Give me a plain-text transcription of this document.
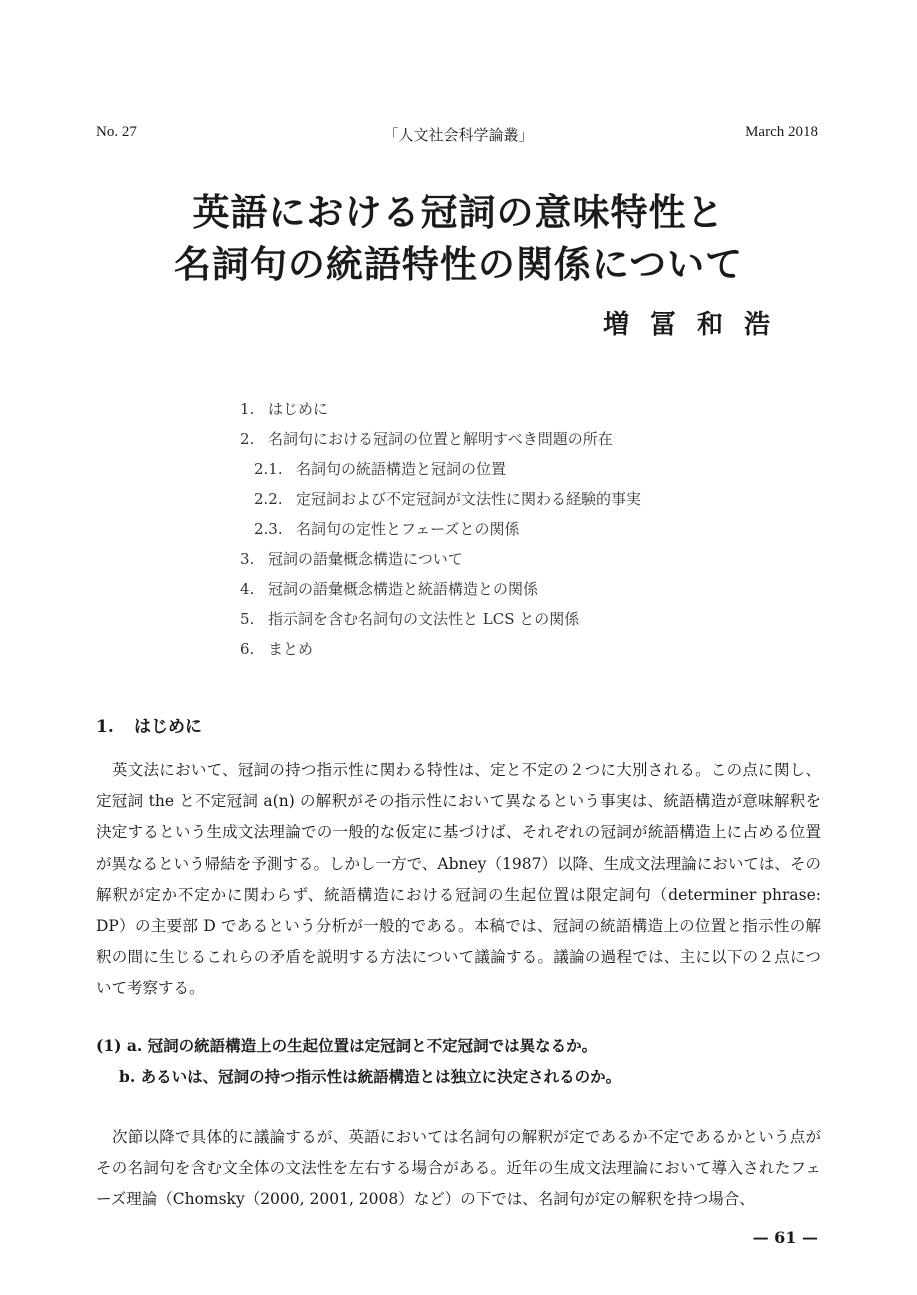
No. 27	「人文社会科学論叢」	March 2018
英語における冠詞の意味特性と
名詞句の統語特性の関係について
増冨和浩
1. はじめに
2. 名詞句における冠詞の位置と解明すべき問題の所在
2.1. 名詞句の統語構造と冠詞の位置
2.2. 定冠詞および不定冠詞が文法性に関わる経験的事実
2.3. 名詞句の定性とフェーズとの関係
3. 冠詞の語彙概念構造について
4. 冠詞の語彙概念構造と統語構造との関係
5. 指示詞を含む名詞句の文法性と LCS との関係
6. まとめ
1. はじめに
英文法において、冠詞の持つ指示性に関わる特性は、定と不定の２つに大別される。この点に関し、定冠詞 the と不定冠詞 a(n) の解釈がその指示性において異なるという事実は、統語構造が意味解釈を決定するという生成文法理論での一般的な仮定に基づけば、それぞれの冠詞が統語構造上に占める位置が異なるという帰結を予測する。しかし一方で、Abney（1987）以降、生成文法理論においては、その解釈が定か不定かに関わらず、統語構造における冠詞の生起位置は限定詞句（determiner phrase: DP）の主要部 D であるという分析が一般的である。本稿では、冠詞の統語構造上の位置と指示性の解釈の間に生じるこれらの矛盾を説明する方法について議論する。議論の過程では、主に以下の２点について考察する。
(1) a. 冠詞の統語構造上の生起位置は定冠詞と不定冠詞では異なるか。
b. あるいは、冠詞の持つ指示性は統語構造とは独立に決定されるのか。
次節以降で具体的に議論するが、英語においては名詞句の解釈が定であるか不定であるかという点がその名詞句を含む文全体の文法性を左右する場合がある。近年の生成文法理論において導入されたフェーズ理論（Chomsky（2000, 2001, 2008）など）の下では、名詞句が定の解釈を持つ場合、
— 61 —
